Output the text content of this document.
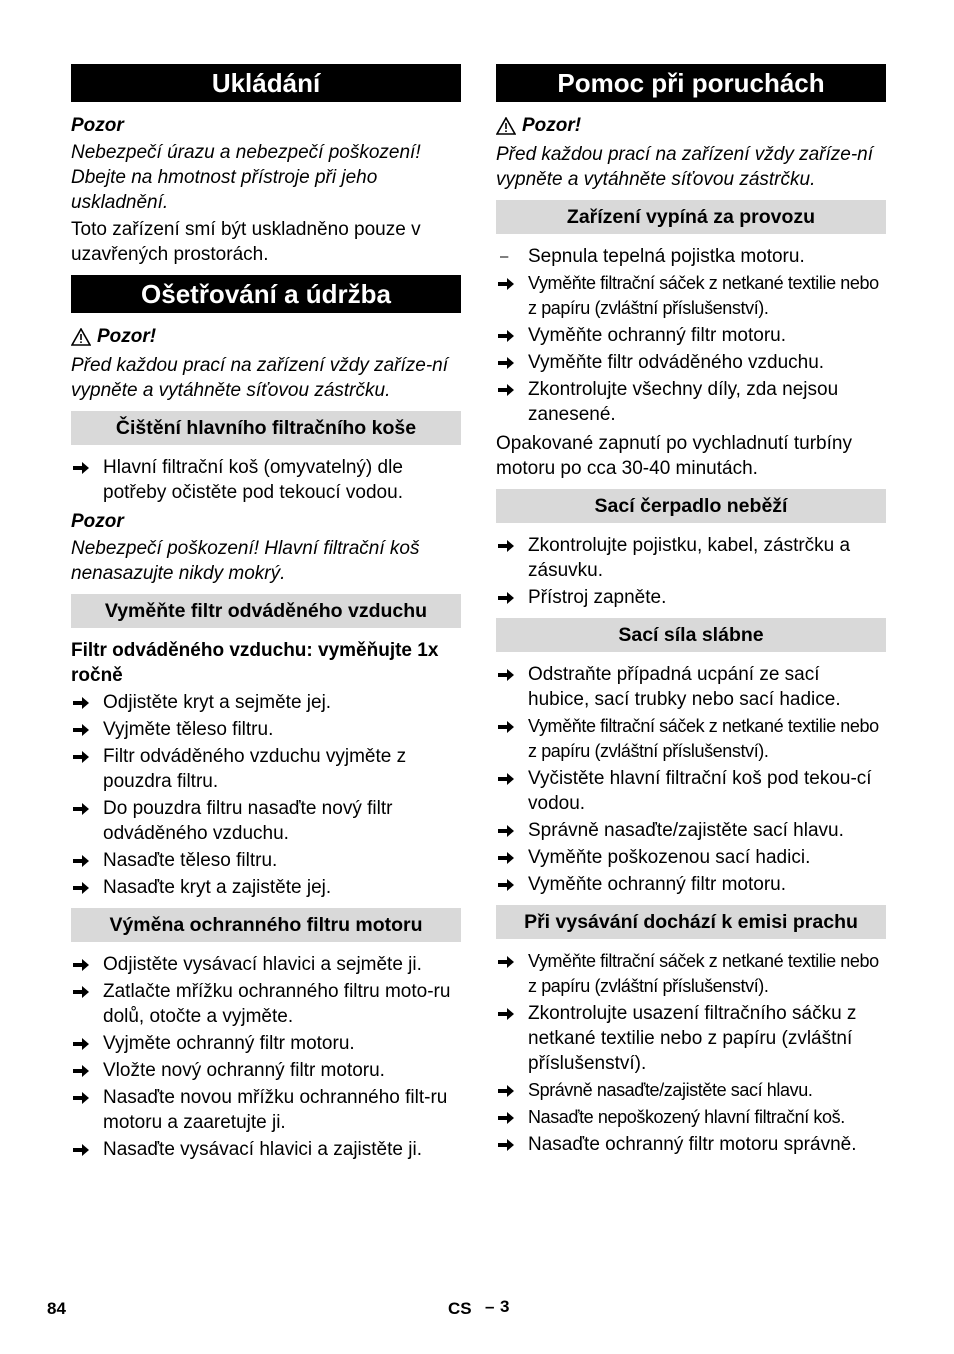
Ukládání
Pozor
Nebezpečí úrazu a nebezpečí poškození! Dbejte na hmotnost přístroje při jeho uskladnění.
Toto zařízení smí být uskladněno pouze v uzavřených prostorách.
Ošetřování a údržba
Pozor!
Před každou prací na zařízení vždy zaříze-ní vypněte a vytáhněte síťovou zástrčku.
Čištění hlavního filtračního koše
Hlavní filtrační koš (omyvatelný) dle potřeby očistěte pod tekoucí vodou.
Pozor
Nebezpečí poškození! Hlavní filtrační koš nenasazujte nikdy mokrý.
Vyměňte filtr odváděného vzduchu
Filtr odváděného vzduchu: vyměňujte 1x ročně
Odjistěte kryt a sejměte jej.
Vyjměte těleso filtru.
Filtr odváděného vzduchu vyjměte z pouzdra filtru.
Do pouzdra filtru nasaďte nový filtr odváděného vzduchu.
Nasaďte těleso filtru.
Nasaďte kryt a zajistěte jej.
Výměna ochranného filtru motoru
Odjistěte vysávací hlavici a sejměte ji.
Zatlačte mřížku ochranného filtru moto-ru dolů, otočte a vyjměte.
Vyjměte ochranný filtr motoru.
Vložte nový ochranný filtr motoru.
Nasaďte novou mřížku ochranného filt-ru motoru a zaaretujte ji.
Nasaďte vysávací hlavici a zajistěte ji.
Pomoc při poruchách
Pozor!
Před každou prací na zařízení vždy zaříze-ní vypněte a vytáhněte síťovou zástrčku.
Zařízení vypíná za provozu
– Sepnula tepelná pojistka motoru.
Vyměňte filtrační sáček z netkané textilie nebo z papíru (zvláštní příslušenství).
Vyměňte ochranný filtr motoru.
Vyměňte filtr odváděného vzduchu.
Zkontrolujte všechny díly, zda nejsou zanesené.
Opakované zapnutí po vychladnutí turbíny motoru po cca 30-40 minutách.
Sací čerpadlo neběží
Zkontrolujte pojistku, kabel, zástrčku a zásuvku.
Přístroj zapněte.
Sací síla slábne
Odstraňte případná ucpání ze sací hubice, sací trubky nebo sací hadice.
Vyměňte filtrační sáček z netkané textilie nebo z papíru (zvláštní příslušenství).
Vyčistěte hlavní filtrační koš pod tekou-cí vodou.
Správně nasaďte/zajistěte sací hlavu.
Vyměňte poškozenou sací hadici.
Vyměňte ochranný filtr motoru.
Při vysávání dochází k emisi prachu
Vyměňte filtrační sáček z netkané textilie nebo z papíru (zvláštní příslušenství).
Zkontrolujte usazení filtračního sáčku z netkané textilie nebo z papíru (zvláštní příslušenství).
Správně nasaďte/zajistěte sací hlavu.
Nasaďte nepoškozený hlavní filtrační koš.
Nasaďte ochranný filtr motoru správně.
84	CS – 3
